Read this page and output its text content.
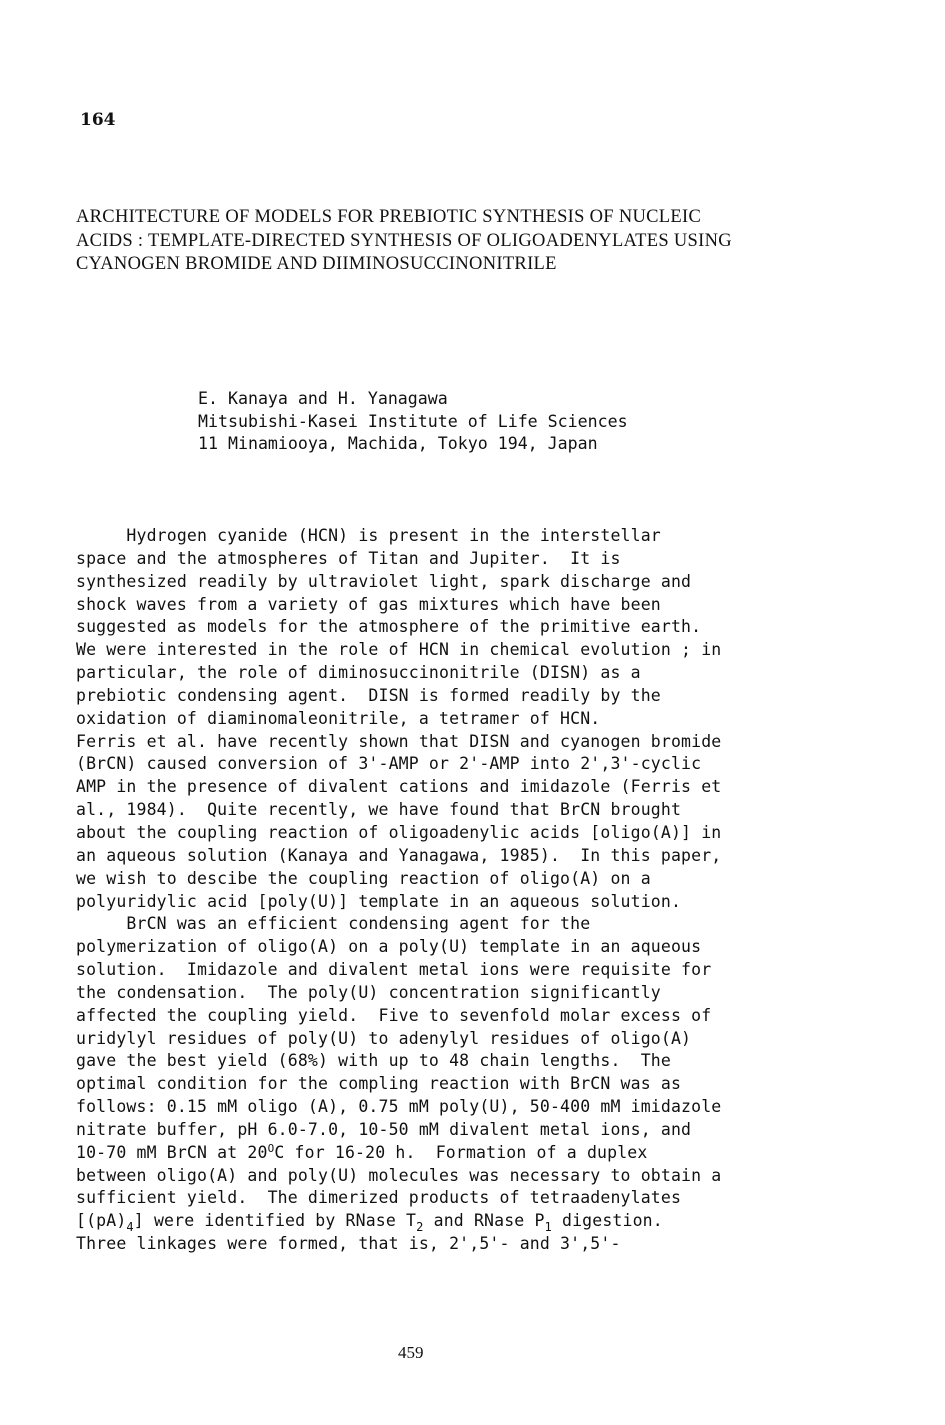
164
ARCHITECTURE OF MODELS FOR PREBIOTIC SYNTHESIS OF NUCLEIC
ACIDS : TEMPLATE-DIRECTED SYNTHESIS OF OLIGOADENYLATES USING
CYANOGEN BROMIDE AND DIIMINOSUCCINONITRILE
E. Kanaya and H. Yanagawa
Mitsubishi-Kasei Institute of Life Sciences
11 Minamiooya, Machida, Tokyo 194, Japan
Hydrogen cyanide (HCN) is present in the interstellar
space and the atmospheres of Titan and Jupiter.  It is
synthesized readily by ultraviolet light, spark discharge and
shock waves from a variety of gas mixtures which have been
suggested as models for the atmosphere of the primitive earth.
We were interested in the role of HCN in chemical evolution ; in
particular, the role of diminosuccinonitrile (DISN) as a
prebiotic condensing agent.  DISN is formed readily by the
oxidation of diaminomaleonitrile, a tetramer of HCN.
Ferris et al. have recently shown that DISN and cyanogen bromide
(BrCN) caused conversion of 3'-AMP or 2'-AMP into 2',3'-cyclic
AMP in the presence of divalent cations and imidazole (Ferris et
al., 1984).  Quite recently, we have found that BrCN brought
about the coupling reaction of oligoadenylic acids [oligo(A)] in
an aqueous solution (Kanaya and Yanagawa, 1985).  In this paper,
we wish to descibe the coupling reaction of oligo(A) on a
polyuridylic acid [poly(U)] template in an aqueous solution.
BrCN was an efficient condensing agent for the
polymerization of oligo(A) on a poly(U) template in an aqueous
solution.  Imidazole and divalent metal ions were requisite for
the condensation.  The poly(U) concentration significantly
affected the coupling yield.  Five to sevenfold molar excess of
uridylyl residues of poly(U) to adenylyl residues of oligo(A)
gave the best yield (68%) with up to 48 chain lengths.  The
optimal condition for the compling reaction with BrCN was as
follows: 0.15 mM oligo (A), 0.75 mM poly(U), 50-400 mM imidazole
nitrate buffer, pH 6.0-7.0, 10-50 mM divalent metal ions, and
10-70 mM BrCN at $20^OC$ for 16-20 h.  Formation of a duplex
between oligo(A) and poly(U) molecules was necessary to obtain a
sufficient yield.  The dimerized products of tetraadenylates
$[(pA)_4]$ were identified by RNase $T_2$ and RNase $P_1$ digestion.
Three linkages were formed, that is, 2',5'- and 3',5'-
459
